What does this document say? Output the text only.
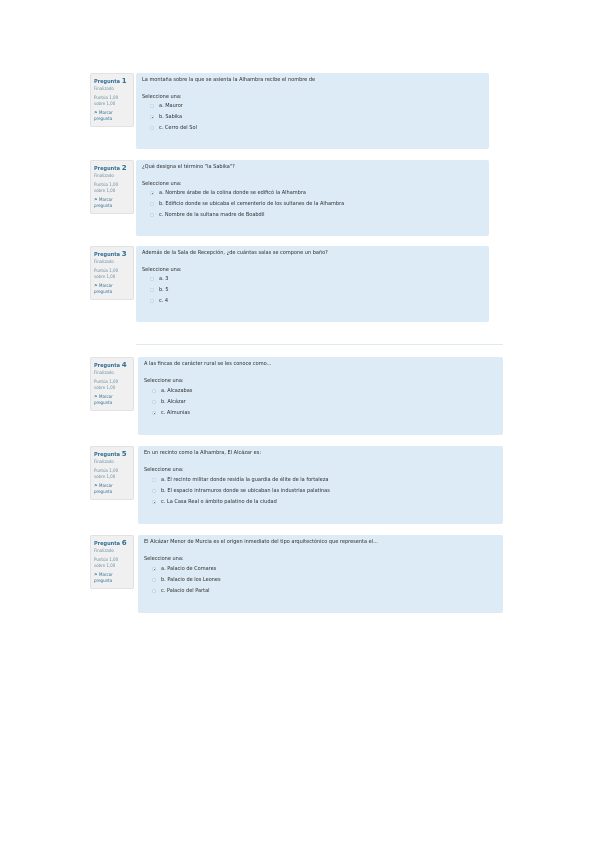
Pregunta 1
Finalizado
Puntúa 1,00
sobre 1,00
⚑Marcar
pregunta
La montaña sobre la que se asienta la Alhambra recibe el nombre de
Seleccione una:
a. Mauror
b. Sabika
c. Cerro del Sol
Pregunta 2
Finalizado
Puntúa 1,00
sobre 1,00
⚑Marcar
pregunta
¿Qué designa el término "la Sabika"?
Seleccione una:
a. Nombre árabe de la colina donde se edificó la Alhambra
b. Edificio donde se ubicaba el cementerio de los sultanes de la Alhambra
c. Nombre de la sultana madre de Boabdil
Pregunta 3
Finalizado
Puntúa 1,00
sobre 1,00
⚑Marcar
pregunta
Además de la Sala de Recepción, ¿de cuántas salas se compone un baño?
Seleccione una:
a. 3
b. 5
c. 4
Pregunta 4
Finalizado
Puntúa 1,00
sobre 1,00
⚑Marcar
pregunta
A las fincas de carácter rural se les conoce como...
Seleccione una:
a. Alcazabas
b. Alcázar
c. Almunias
Pregunta 5
Finalizado
Puntúa 1,00
sobre 1,00
⚑Marcar
pregunta
En un recinto como la Alhambra, El Alcázar es:
Seleccione una:
a. El recinto militar donde residía la guardia de élite de la fortaleza
b. El espacio intramuros donde se ubicaban las industrias palatinas
c. La Casa Real o ámbito palatino de la ciudad
Pregunta 6
Finalizado
Puntúa 1,00
sobre 1,00
⚑Marcar
pregunta
El Alcázar Menor de Murcia es el origen inmediato del tipo arquitectónico que representa el...
Seleccione una:
a. Palacio de Comares
b. Palacio de los Leones
c. Palacio del Partal
